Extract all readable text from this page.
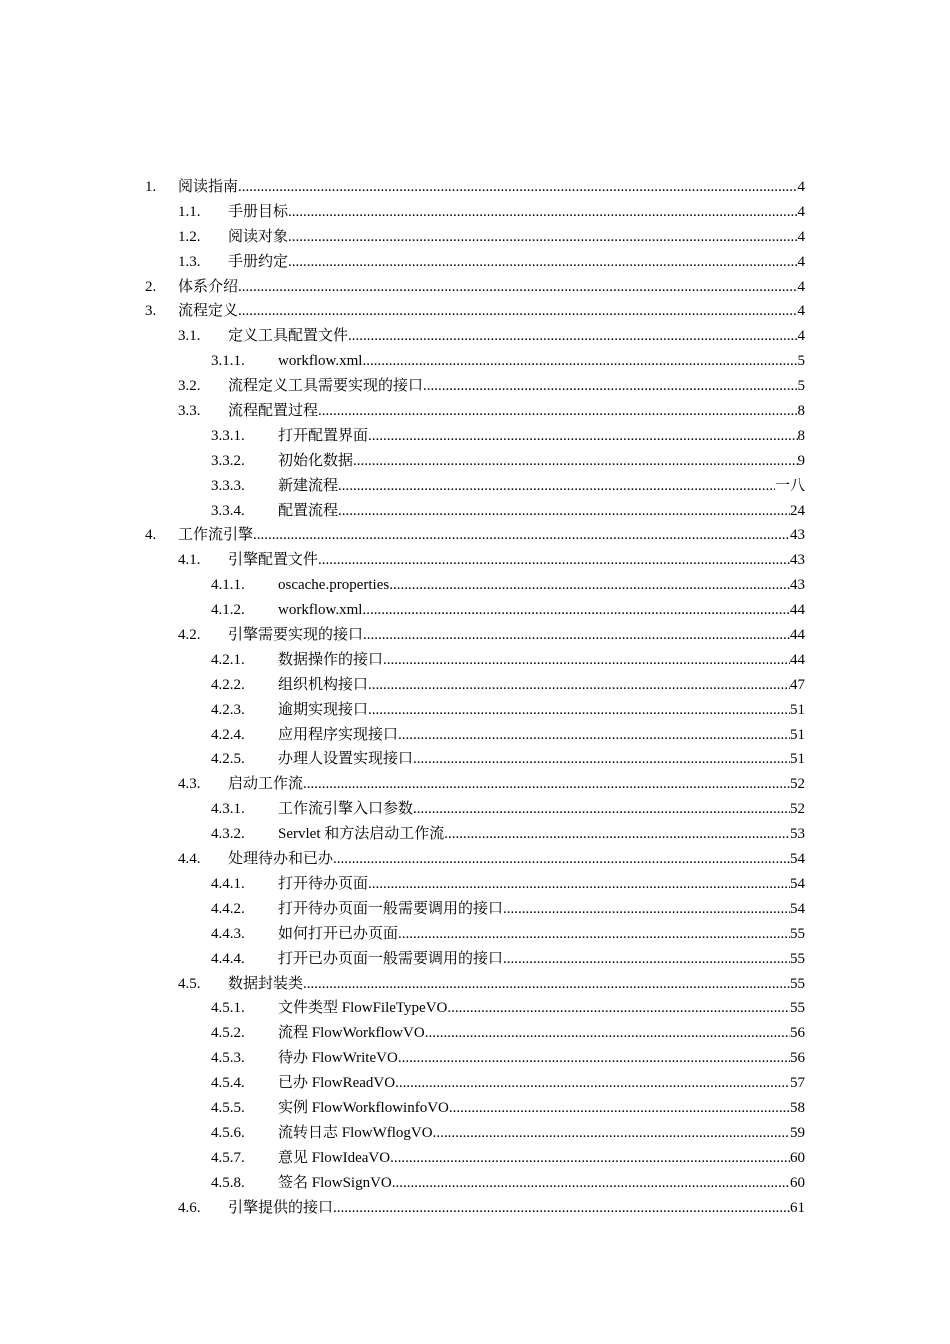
1. 阅读指南 .....	4
1.1. 手册目标 .....	4
1.2. 阅读对象 .....	4
1.3. 手册约定 .....	4
2. 体系介绍 .....	4
3. 流程定义 .....	4
3.1. 定义工具配置文件 .....	4
3.1.1. workflow.xml .....	5
3.2. 流程定义工具需要实现的接口 .....	5
3.3. 流程配置过程 .....	8
3.3.1. 打开配置界面 .....	8
3.3.2. 初始化数据 .....	9
3.3.3. 新建流程 .....	一八
3.3.4. 配置流程 .....	24
4. 工作流引擎 .....	43
4.1. 引擎配置文件 .....	43
4.1.1. oscache.properties .....	43
4.1.2. workflow.xml .....	44
4.2. 引擎需要实现的接口 .....	44
4.2.1. 数据操作的接口 .....	44
4.2.2. 组织机构接口 .....	47
4.2.3. 逾期实现接口 .....	51
4.2.4. 应用程序实现接口 .....	51
4.2.5. 办理人设置实现接口 .....	51
4.3. 启动工作流 .....	52
4.3.1. 工作流引擎入口参数 .....	52
4.3.2. Servlet 和方法启动工作流 .....	53
4.4. 处理待办和已办 .....	54
4.4.1. 打开待办页面 .....	54
4.4.2. 打开待办页面一般需要调用的接口 .....	54
4.4.3. 如何打开已办页面 .....	55
4.4.4. 打开已办页面一般需要调用的接口 .....	55
4.5. 数据封装类 .....	55
4.5.1. 文件类型 FlowFileTypeVO .....	55
4.5.2. 流程 FlowWorkflowVO .....	56
4.5.3. 待办 FlowWriteVO .....	56
4.5.4. 已办 FlowReadVO .....	57
4.5.5. 实例 FlowWorkflowinfoVO .....	58
4.5.6. 流转日志 FlowWflogVO .....	59
4.5.7. 意见 FlowIdeaVO .....	60
4.5.8. 签名 FlowSignVO .....	60
4.6. 引擎提供的接口 .....	61
